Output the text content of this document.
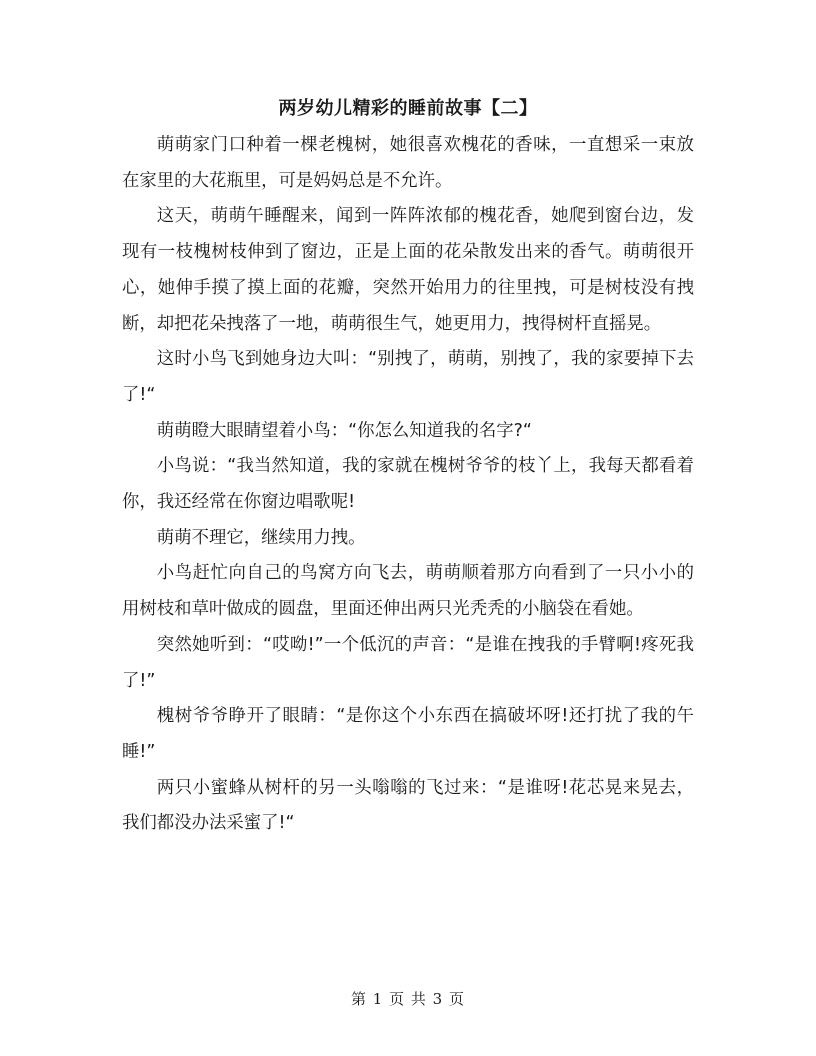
两岁幼儿精彩的睡前故事【二】

萌萌家门口种着一棵老槐树，她很喜欢槐花的香味，一直想采一束放在家里的大花瓶里，可是妈妈总是不允许。

这天，萌萌午睡醒来，闻到一阵阵浓郁的槐花香，她爬到窗台边，发现有一枝槐树枝伸到了窗边，正是上面的花朵散发出来的香气。萌萌很开心，她伸手摸了摸上面的花瓣，突然开始用力的往里拽，可是树枝没有拽断，却把花朵拽落了一地，萌萌很生气，她更用力，拽得树杆直摇晃。

这时小鸟飞到她身边大叫：“别拽了，萌萌，别拽了，我的家要掉下去了!“

萌萌瞪大眼睛望着小鸟：“你怎么知道我的名字?“

小鸟说：“我当然知道，我的家就在槐树爷爷的枝丫上，我每天都看着你，我还经常在你窗边唱歌呢!

萌萌不理它，继续用力拽。

小鸟赶忙向自己的鸟窝方向飞去，萌萌顺着那方向看到了一只小小的用树枝和草叶做成的圆盘，里面还伸出两只光秃秃的小脑袋在看她。

突然她听到：“哎呦!”一个低沉的声音：“是谁在拽我的手臂啊!疼死我了!”

槐树爷爷睁开了眼睛：“是你这个小东西在搞破坏呀!还打扰了我的午睡!”

两只小蜜蜂从树杆的另一头嗡嗡的飞过来：“是谁呀!花芯晃来晃去，我们都没办法采蜜了!“

第 1 页 共 3 页
